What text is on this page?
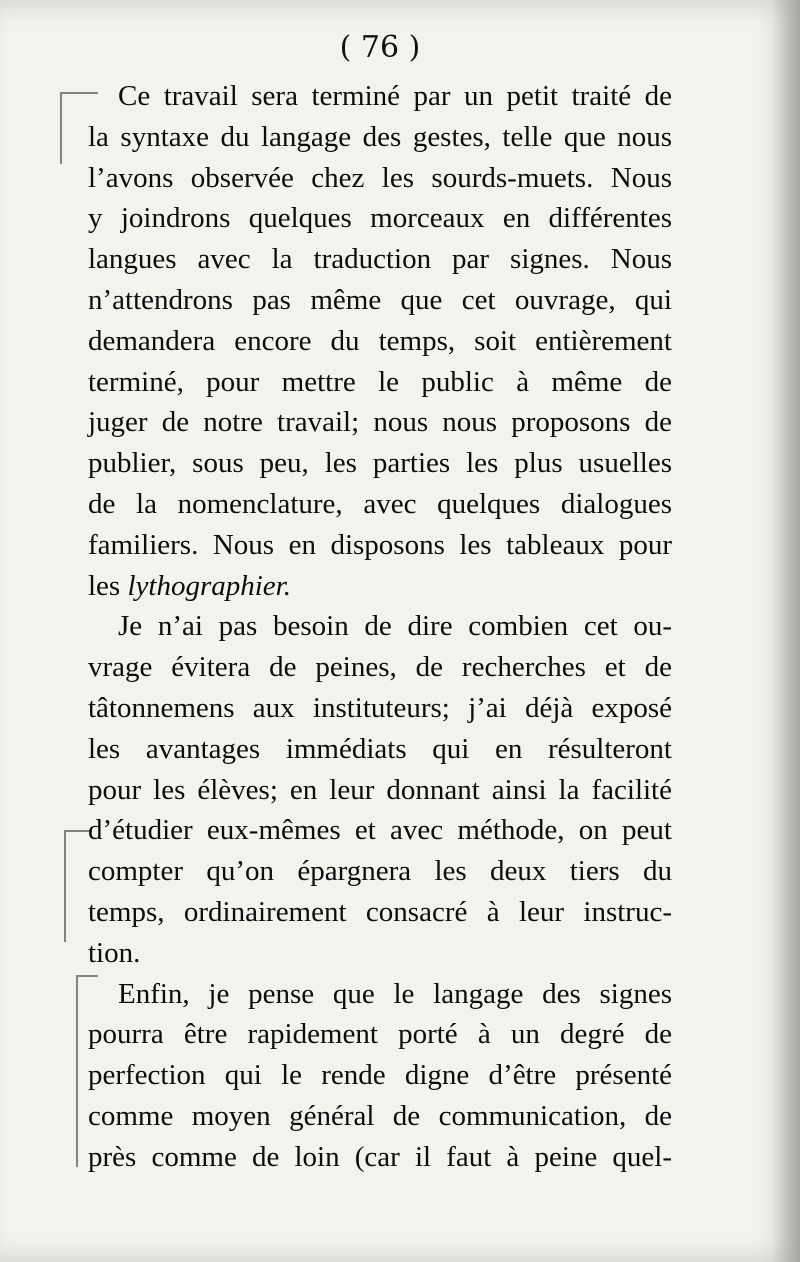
( 76 )
Ce travail sera terminé par un petit traité de
la syntaxe du langage des gestes, telle que nous
l’avons observée chez les sourds-muets. Nous
y joindrons quelques morceaux en différentes
langues avec la traduction par signes. Nous
n’attendrons pas même que cet ouvrage, qui
demandera encore du temps, soit entièrement
terminé, pour mettre le public à même de
juger de notre travail; nous nous proposons de
publier, sous peu, les parties les plus usuelles
de la nomenclature, avec quelques dialogues
familiers. Nous en disposons les tableaux pour
les lythographier.
Je n’ai pas besoin de dire combien cet ou-
vrage évitera de peines, de recherches et de
tâtonnemens aux instituteurs; j’ai déjà exposé
les avantages immédiats qui en résulteront
pour les élèves; en leur donnant ainsi la facilité
d’étudier eux-mêmes et avec méthode, on peut
compter qu’on épargnera les deux tiers du
temps, ordinairement consacré à leur instruc-
tion.
Enfin, je pense que le langage des signes
pourra être rapidement porté à un degré de
perfection qui le rende digne d’être présenté
comme moyen général de communication, de
près comme de loin (car il faut à peine quel-
